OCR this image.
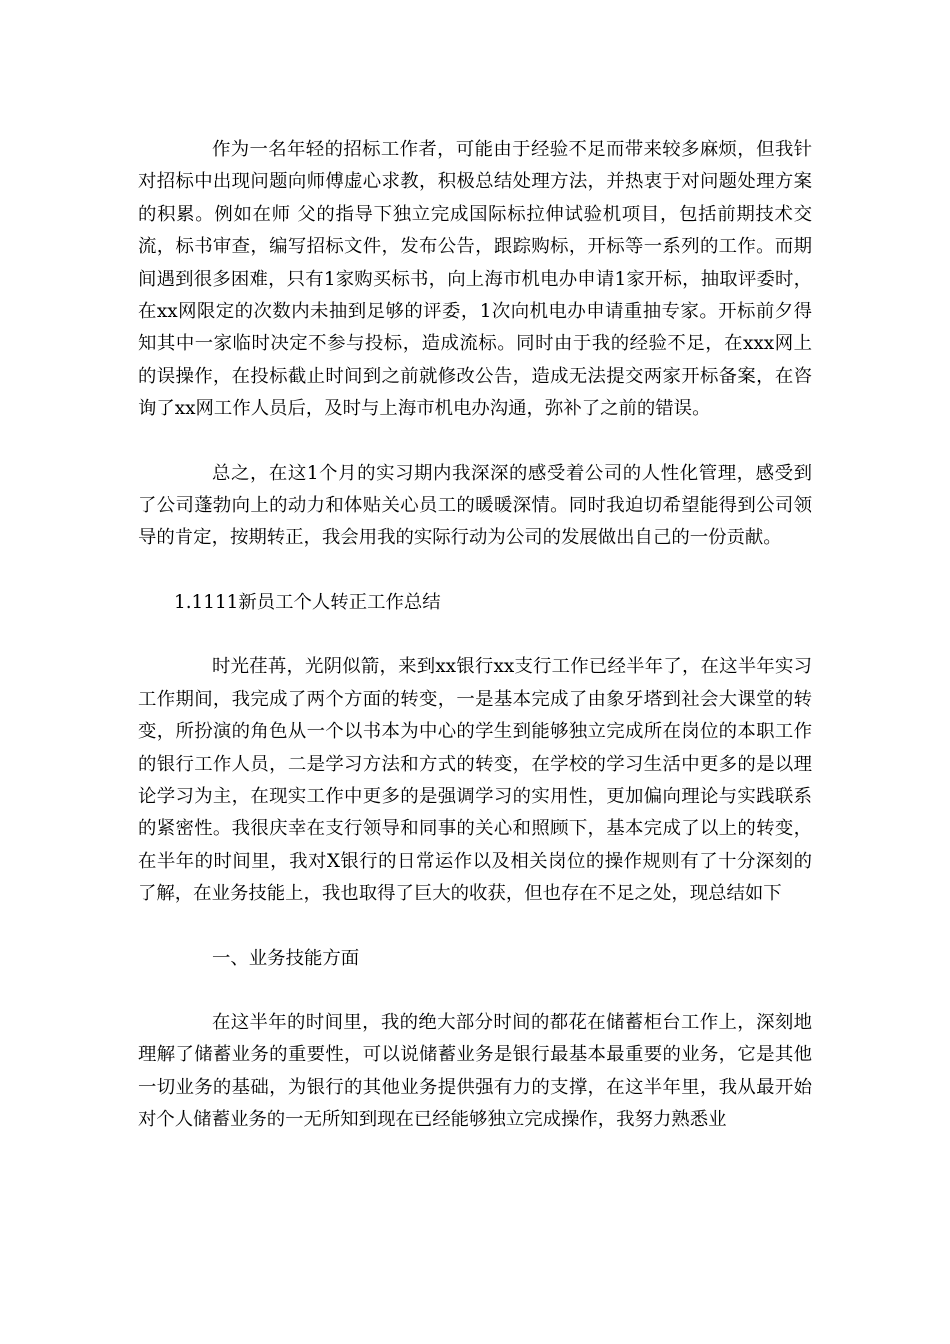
作为一名年轻的招标工作者，可能由于经验不足而带来较多麻烦，但我针对招标中出现问题向师傅虚心求教，积极总结处理方法，并热衷于对问题处理方案的积累。例如在师 父的指导下独立完成国际标拉伸试验机项目，包括前期技术交流，标书审查，编写招标文件，发布公告，跟踪购标，开标等一系列的工作。而期间遇到很多困难，只有1家购买标书，向上海市机电办申请1家开标，抽取评委时，在xx网限定的次数内未抽到足够的评委，1次向机电办申请重抽专家。开标前夕得知其中一家临时决定不参与投标，造成流标。同时由于我的经验不足，在xxx网上的误操作，在投标截止时间到之前就修改公告，造成无法提交两家开标备案，在咨询了xx网工作人员后，及时与上海市机电办沟通，弥补了之前的错误。

总之，在这1个月的实习期内我深深的感受着公司的人性化管理，感受到了公司蓬勃向上的动力和体贴关心员工的暖暖深情。同时我迫切希望能得到公司领导的肯定，按期转正，我会用我的实际行动为公司的发展做出自己的一份贡献。

1.1111新员工个人转正工作总结

时光荏苒，光阴似箭，来到xx银行xx支行工作已经半年了，在这半年实习工作期间，我完成了两个方面的转变，一是基本完成了由象牙塔到社会大课堂的转变，所扮演的角色从一个以书本为中心的学生到能够独立完成所在岗位的本职工作的银行工作人员，二是学习方法和方式的转变，在学校的学习生活中更多的是以理论学习为主，在现实工作中更多的是强调学习的实用性，更加偏向理论与实践联系的紧密性。我很庆幸在支行领导和同事的关心和照顾下，基本完成了以上的转变，在半年的时间里，我对X银行的日常运作以及相关岗位的操作规则有了十分深刻的了解，在业务技能上，我也取得了巨大的收获，但也存在不足之处，现总结如下

一、业务技能方面

在这半年的时间里，我的绝大部分时间的都花在储蓄柜台工作上，深刻地理解了储蓄业务的重要性，可以说储蓄业务是银行最基本最重要的业务，它是其他一切业务的基础，为银行的其他业务提供强有力的支撑，在这半年里，我从最开始对个人储蓄业务的一无所知到现在已经能够独立完成操作，我努力熟悉业
